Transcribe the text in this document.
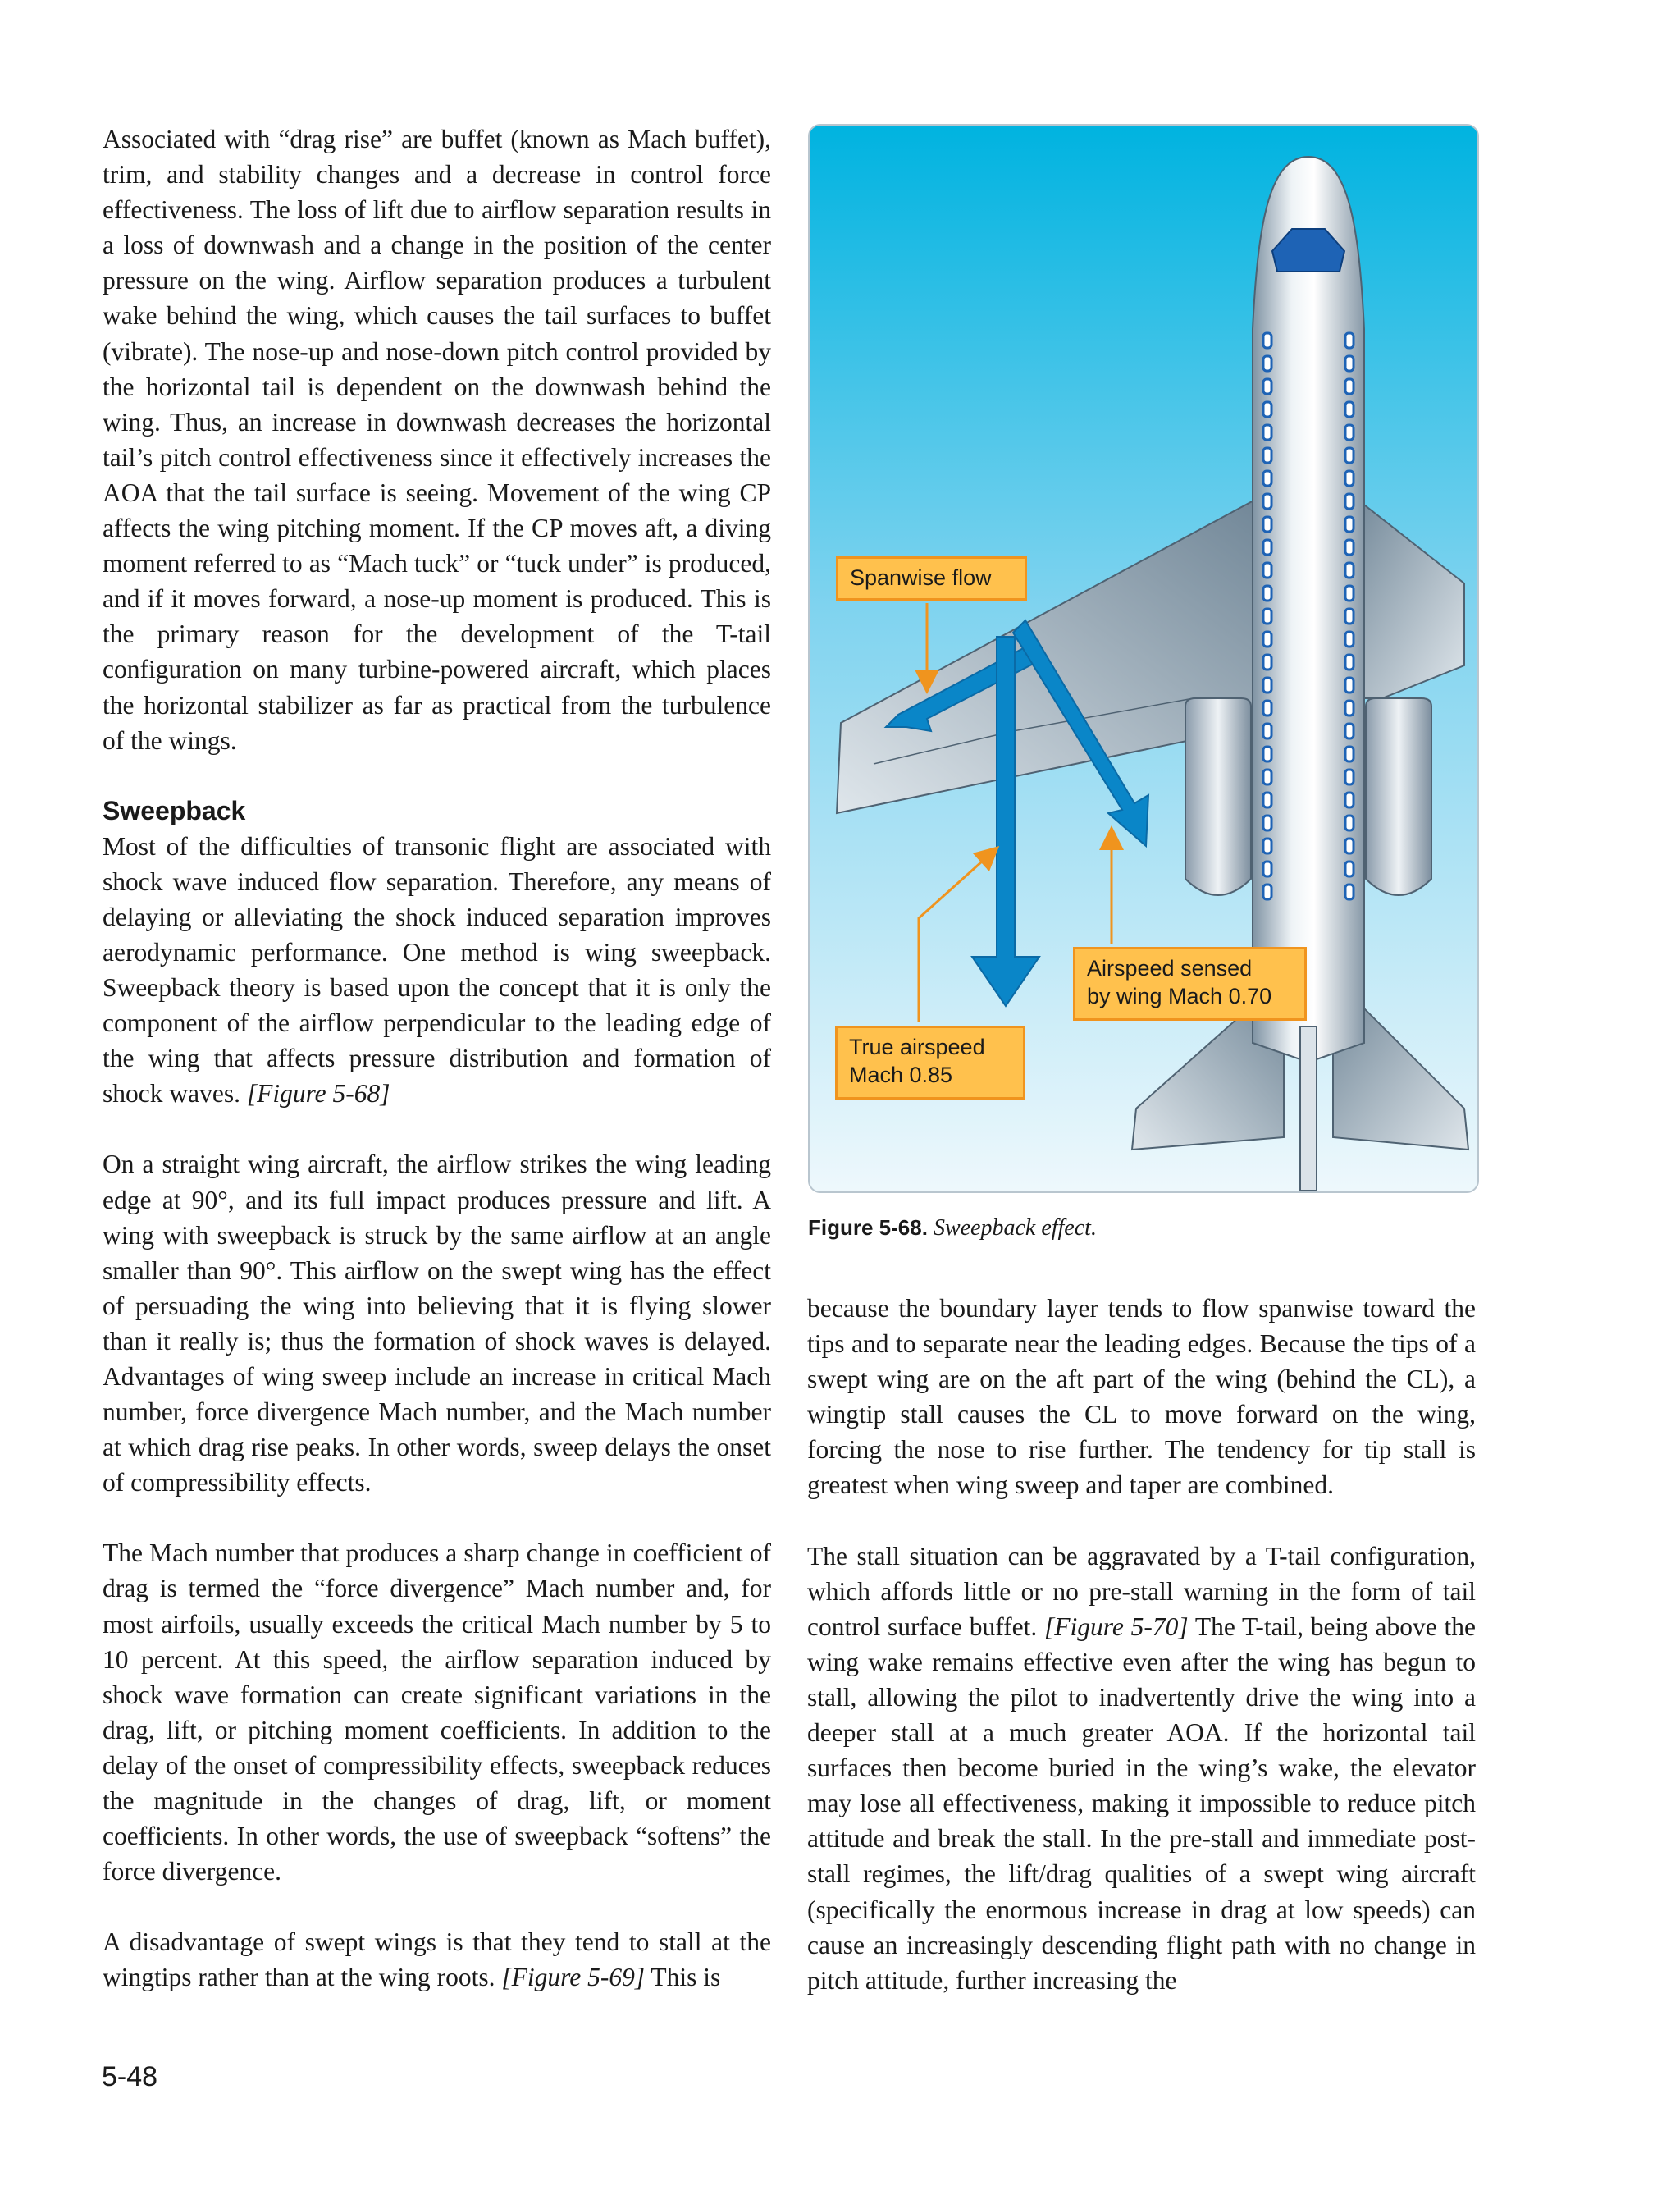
Associated with “drag rise” are buffet (known as Mach buffet), trim, and stability changes and a decrease in control force effectiveness. The loss of lift due to airflow separation results in a loss of downwash and a change in the position of the center pressure on the wing. Airflow separation produces a turbulent wake behind the wing, which causes the tail surfaces to buffet (vibrate). The nose-up and nose-down pitch control provided by the horizontal tail is dependent on the downwash behind the wing. Thus, an increase in downwash decreases the horizontal tail’s pitch control effectiveness since it effectively increases the AOA that the tail surface is seeing. Movement of the wing CP affects the wing pitching moment. If the CP moves aft, a diving moment referred to as “Mach tuck” or “tuck under” is produced, and if it moves forward, a nose-up moment is produced. This is the primary reason for the development of the T-tail configuration on many turbine-powered aircraft, which places the horizontal stabilizer as far as practical from the turbulence of the wings.

Sweepback

Most of the difficulties of transonic flight are associated with shock wave induced flow separation. Therefore, any means of delaying or alleviating the shock induced separation improves aerodynamic performance. One method is wing sweepback. Sweepback theory is based upon the concept that it is only the component of the airflow perpendicular to the leading edge of the wing that affects pressure distribution and formation of shock waves. [Figure 5-68]

On a straight wing aircraft, the airflow strikes the wing leading edge at 90°, and its full impact produces pressure and lift. A wing with sweepback is struck by the same airflow at an angle smaller than 90°. This airflow on the swept wing has the effect of persuading the wing into believing that it is flying slower than it really is; thus the formation of shock waves is delayed. Advantages of wing sweep include an increase in critical Mach number, force divergence Mach number, and the Mach number at which drag rise peaks. In other words, sweep delays the onset of compressibility effects.

The Mach number that produces a sharp change in coefficient of drag is termed the “force divergence” Mach number and, for most airfoils, usually exceeds the critical Mach number by 5 to 10 percent. At this speed, the airflow separation induced by shock wave formation can create significant variations in the drag, lift, or pitching moment coefficients. In addition to the delay of the onset of compressibility effects, sweepback reduces the magnitude in the changes of drag, lift, or moment coefficients. In other words, the use of sweepback “softens” the force divergence.

A disadvantage of swept wings is that they tend to stall at the wingtips rather than at the wing roots. [Figure 5-69] This is

Spanwise flow
Airspeed sensed
by wing Mach 0.70
True airspeed
Mach 0.85
Figure 5-68. Sweepback effect.

because the boundary layer tends to flow spanwise toward the tips and to separate near the leading edges. Because the tips of a swept wing are on the aft part of the wing (behind the CL), a wingtip stall causes the CL to move forward on the wing, forcing the nose to rise further. The tendency for tip stall is greatest when wing sweep and taper are combined.

The stall situation can be aggravated by a T-tail configuration, which affords little or no pre-stall warning in the form of tail control surface buffet. [Figure 5-70] The T-tail, being above the wing wake remains effective even after the wing has begun to stall, allowing the pilot to inadvertently drive the wing into a deeper stall at a much greater AOA. If the horizontal tail surfaces then become buried in the wing’s wake, the elevator may lose all effectiveness, making it impossible to reduce pitch attitude and break the stall. In the pre-stall and immediate post-stall regimes, the lift/drag qualities of a swept wing aircraft (specifically the enormous increase in drag at low speeds) can cause an increasingly descending flight path with no change in pitch attitude, further increasing the

5-48
